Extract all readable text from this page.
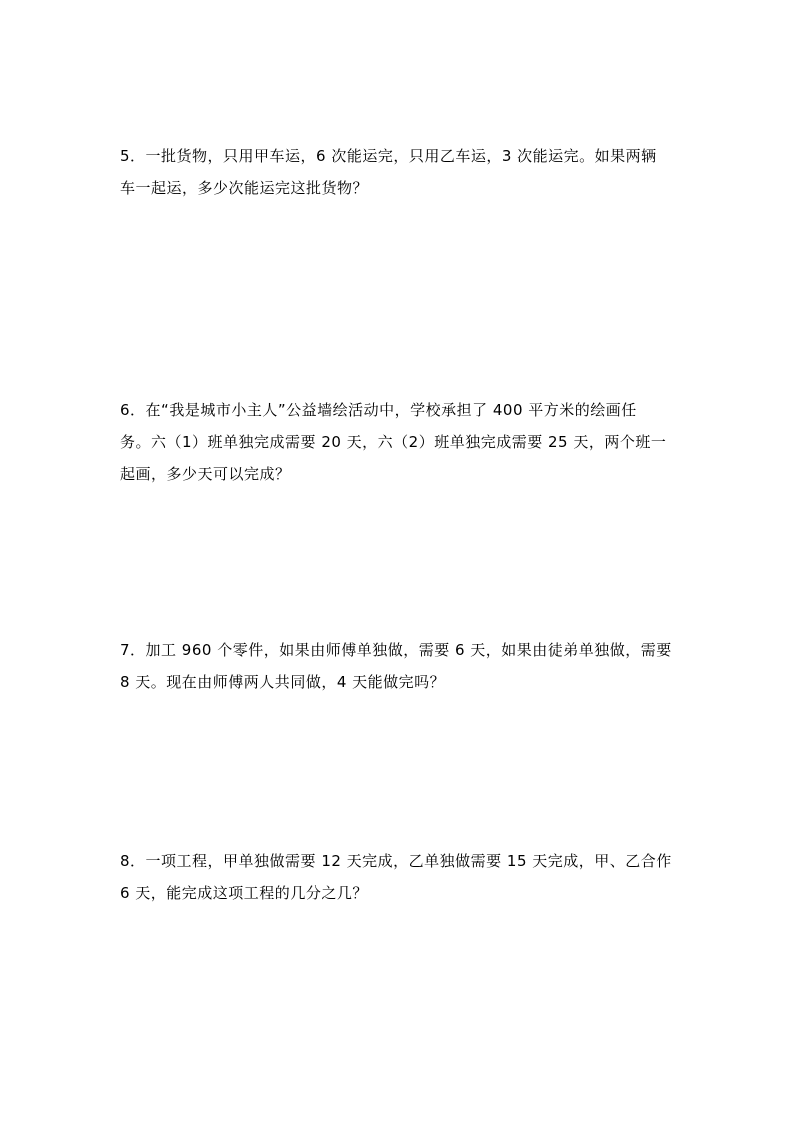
5．一批货物，只用甲车运，6 次能运完，只用乙车运，3 次能运完。如果两辆
车一起运，多少次能运完这批货物？
6．在“我是城市小主人”公益墙绘活动中，学校承担了 400 平方米的绘画任
务。六（1）班单独完成需要 20 天，六（2）班单独完成需要 25 天，两个班一
起画，多少天可以完成？
7．加工 960 个零件，如果由师傅单独做，需要 6 天，如果由徒弟单独做，需要
8 天。现在由师傅两人共同做，4 天能做完吗？
8．一项工程，甲单独做需要 12 天完成，乙单独做需要 15 天完成，甲、乙合作
6 天，能完成这项工程的几分之几？
